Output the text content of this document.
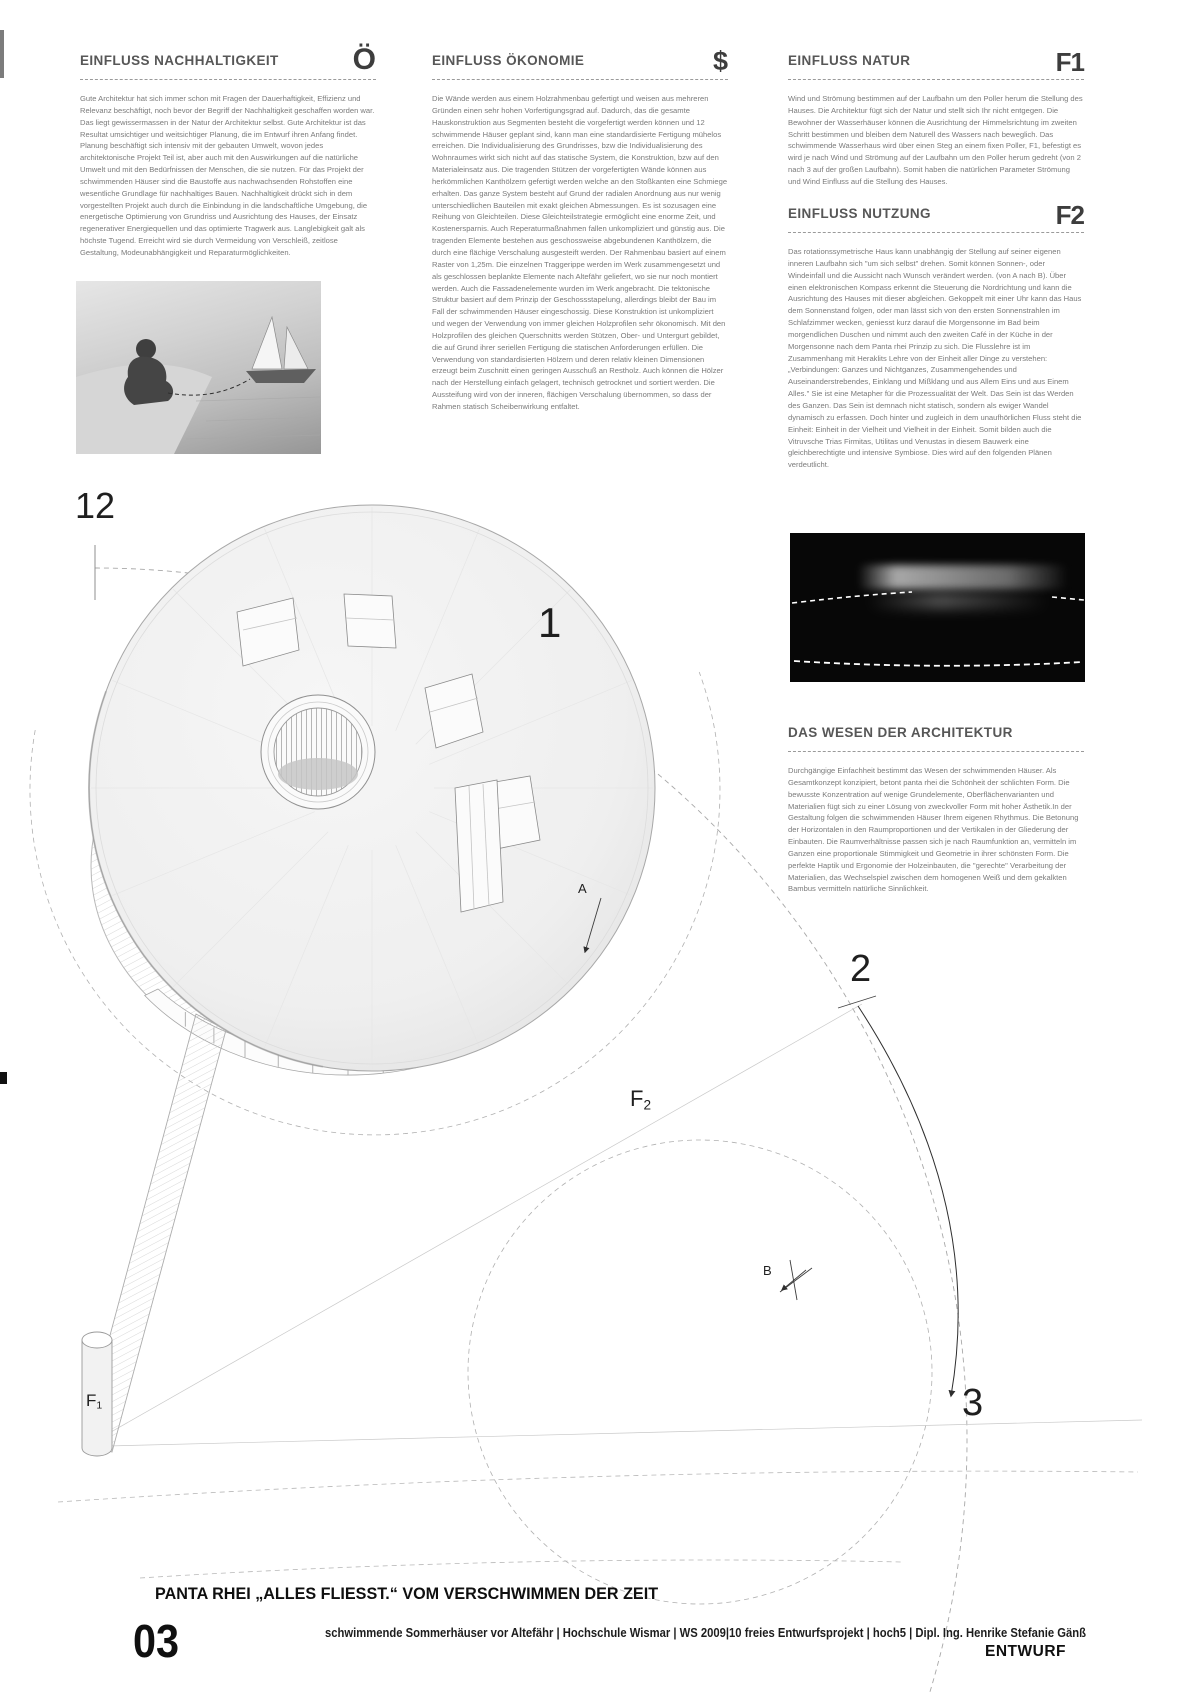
EINFLUSS NACHHALTIGKEIT Ö
Gute Architektur hat sich immer schon mit Fragen der Dauerhaftigkeit, Effizienz und Relevanz beschäftigt, noch bevor der Begriff der Nachhaltigkeit geschaffen worden war. Das liegt gewissermassen in der Natur der Architektur selbst. Gute Architektur ist das Resultat umsichtiger und weitsichtiger Planung, die im Entwurf ihren Anfang findet. Planung beschäftigt sich intensiv mit der gebauten Umwelt, wovon jedes architektonische Projekt Teil ist, aber auch mit den Auswirkungen auf die natürliche Umwelt und mit den Bedürfnissen der Menschen, die sie nutzen. Für das Projekt der schwimmenden Häuser sind die Baustoffe aus nachwachsenden Rohstoffen eine wesentliche Grundlage für nachhaltiges Bauen. Nachhaltigkeit drückt sich in dem vorgestellten Projekt auch durch die Einbindung in die landschaftliche Umgebung, die energetische Optimierung von Grundriss und Ausrichtung des Hauses, der Einsatz regenerativer Energiequellen und das optimierte Tragwerk aus. Langlebigkeit galt als höchste Tugend. Erreicht wird sie durch Vermeidung von Verschleiß, zeitlose Gestaltung, Modeunabhängigkeit und Reparaturmöglichkeiten.
EINFLUSS ÖKONOMIE	$
Die Wände werden aus einem Holzrahmenbau gefertigt und weisen aus mehreren Gründen einen sehr hohen Vorfertigungsgrad auf. Dadurch, das die gesamte Hauskonstruktion aus Segmenten besteht die vorgefertigt werden können und 12 schwimmende Häuser geplant sind, kann man eine standardisierte Fertigung mühelos erreichen. Die Individualisierung des Grundrisses, bzw die Individualisierung des Wohnraumes wirkt sich nicht auf das statische System, die Konstruktion, bzw auf den Materialeinsatz aus. Die tragenden Stützen der vorgefertigten Wände können aus herkömmlichen Kanthölzern gefertigt werden welche an den Stoßkanten eine Schmiege erhalten. Das ganze System besteht auf Grund der radialen Anordnung aus nur wenig unterschiedlichen Bauteilen mit exakt gleichen Abmessungen. Es ist sozusagen eine Reihung von Gleichteilen. Diese Gleichteilstrategie ermöglicht eine enorme Zeit, und Kostenersparnis. Auch Reperaturmaßnahmen fallen unkompliziert und günstig aus. Die tragenden Elemente bestehen aus geschossweise abgebundenen Kanthölzern, die durch eine flächige Verschalung ausgesteift werden. Der Rahmenbau basiert auf einem Raster von 1,25m. Die einzelnen Traggerippe werden im Werk zusammengesetzt und als geschlossen beplankte Elemente nach Altefähr geliefert, wo sie nur noch montiert werden. Auch die Fassadenelemente wurden im Werk angebracht. Die tektonische Struktur basiert auf dem Prinzip der Geschossstapelung, allerdings bleibt der Bau im Fall der schwimmenden Häuser eingeschossig. Diese Konstruktion ist unkompliziert und wegen der Verwendung von immer gleichen Holzprofilen sehr ökonomisch. Mit den Holzprofilen des gleichen Querschnitts werden Stützen, Ober- und Untergurt gebildet, die auf Grund ihrer seriellen Fertigung die statischen Anforderungen erfüllen. Die Verwendung von standardisierten Hölzern und deren relativ kleinen Dimensionen erzeugt beim Zuschnitt einen geringen Ausschuß an Restholz. Auch können die Hölzer nach der Herstellung einfach gelagert, technisch getrocknet und sortiert werden. Die Aussteifung wird von der inneren, flächigen Verschalung übernommen, so dass der Rahmen statisch Scheibenwirkung entfaltet.
EINFLUSS NATUR	F1
Wind und Strömung bestimmen auf der Laufbahn um den Poller herum die Stellung des Hauses. Die Architektur fügt sich der Natur und stellt sich Ihr nicht entgegen. Die Bewohner der Wasserhäuser können die Ausrichtung der Himmelsrichtung im zweiten Schritt bestimmen und bleiben dem Naturell des Wassers nach beweglich. Das schwimmende Wasserhaus wird über einen Steg an einem fixen Poller, F1, befestigt es wird je nach Wind und Strömung auf der Laufbahn um den Poller herum gedreht (von 2 nach 3 auf der großen Laufbahn). Somit haben die natürlichen Parameter Strömung und Wind Einfluss auf die Stellung des Hauses.
EINFLUSS NUTZUNG	F2
Das rotationssymetrische Haus kann unabhängig der Stellung auf seiner eigenen inneren Laufbahn sich "um sich selbst" drehen. Somit können Sonnen-, oder Windeinfall und die Aussicht nach Wunsch verändert werden. (von A nach B). Über einen elektronischen Kompass erkennt die Steuerung die Nordrichtung und kann die Ausrichtung des Hauses mit dieser abgleichen. Gekoppelt mit einer Uhr kann das Haus dem Sonnenstand folgen, oder man lässt sich von den ersten Sonnenstrahlen im Schlafzimmer wecken, geniesst kurz darauf die Morgensonne im Bad beim morgendlichen Duschen und nimmt auch den zweiten Café in der Küche in der Morgensonne nach dem Panta rhei Prinzip zu sich. Die Flusslehre ist im Zusammenhang mit Heraklits Lehre von der Einheit aller Dinge zu verstehen: „Verbindungen: Ganzes und Nichtganzes, Zusammengehendes und Auseinanderstrebendes, Einklang und Mißklang und aus Allem Eins und aus Einem Alles." Sie ist eine Metapher für die Prozessualität der Welt. Das Sein ist das Werden des Ganzen. Das Sein ist demnach nicht statisch, sondern als ewiger Wandel dynamisch zu erfassen. Doch hinter und zugleich in dem unaufhörlichen Fluss steht die Einheit: Einheit in der Vielheit und Vielheit in der Einheit. Somit bilden auch die Vitruvsche Trias Firmitas, Utilitas und Venustas in diesem Bauwerk eine gleichberechtigte und intensive Symbiose. Dies wird auf den folgenden Plänen verdeutlicht.
DAS WESEN DER ARCHITEKTUR
Durchgängige Einfachheit bestimmt das Wesen der schwimmenden Häuser. Als Gesamtkonzept konzipiert, betont panta rhei die Schönheit der schlichten Form. Die bewusste Konzentration auf wenige Grundelemente, Oberflächenvarianten und Materialien fügt sich zu einer Lösung von zweckvoller Form mit hoher Ästhetik.In der Gestaltung folgen die schwimmenden Häuser Ihrem eigenen Rhythmus. Die Betonung der Horizontalen in den Raumproportionen und der Vertikalen in der Gliederung der Einbauten. Die Raumverhältnisse passen sich je nach Raumfunktion an, vermitteln im Ganzen eine proportionale Stimmigkeit und Geometrie in ihrer schönsten Form. Die perfekte Haptik und Ergonomie der Holzeinbauten, die "gerechte" Verarbeitung der Materialien, das Wechselspiel zwischen dem homogenen Weiß und dem gekalkten Bambus vermitteln natürliche Sinnlichkeit.
12
1
2
3
$F_2$
$F_1$
A
B
PANTA RHEI „ALLES FLIESST.“ VOM VERSCHWIMMEN DER ZEIT
schwimmende Sommerhäuser vor Altefähr | Hochschule Wismar | WS 2009|10 freies Entwurfsprojekt | hoch5 | Dipl. Ing. Henrike Stefanie Gänß
03	ENTWURF
